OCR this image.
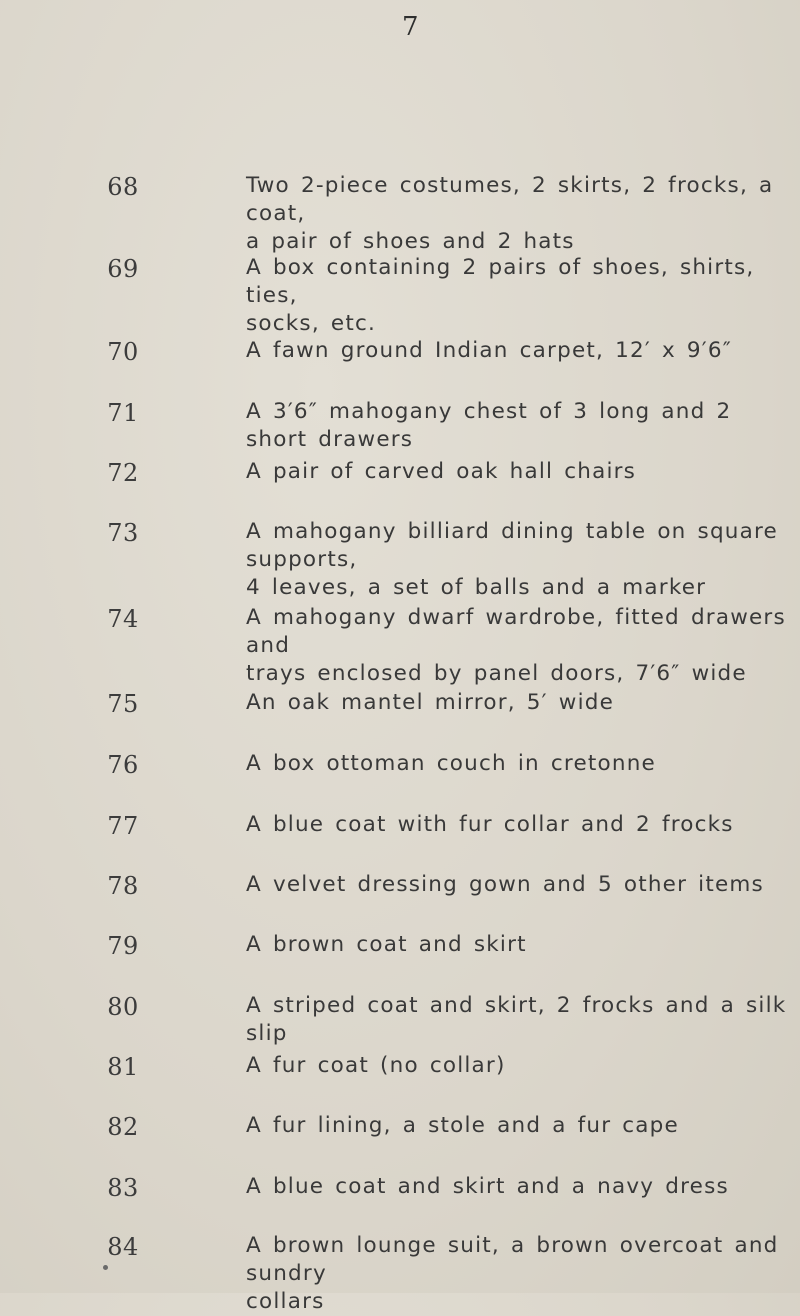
7
68	Two 2-piece costumes, 2 skirts, 2 frocks, a coat,
a pair of shoes and 2 hats
69	A box containing 2 pairs of shoes, shirts, ties,
socks, etc.
70	A fawn ground Indian carpet, 12′ x 9′6″
71	A 3′6″ mahogany chest of 3 long and 2 short drawers
72	A pair of carved oak hall chairs
73	A mahogany billiard dining table on square supports,
4 leaves, a set of balls and a marker
74	A mahogany dwarf wardrobe, fitted drawers and
trays enclosed by panel doors, 7′6″ wide
75	An oak mantel mirror, 5′ wide
76	A box ottoman couch in cretonne
77	A blue coat with fur collar and 2 frocks
78	A velvet dressing gown and 5 other items
79	A brown coat and skirt
80	A striped coat and skirt, 2 frocks and a silk slip
81	A fur coat (no collar)
82	A fur lining, a stole and a fur cape
83	A blue coat and skirt and a navy dress
84	A brown lounge suit, a brown overcoat and sundry
collars
